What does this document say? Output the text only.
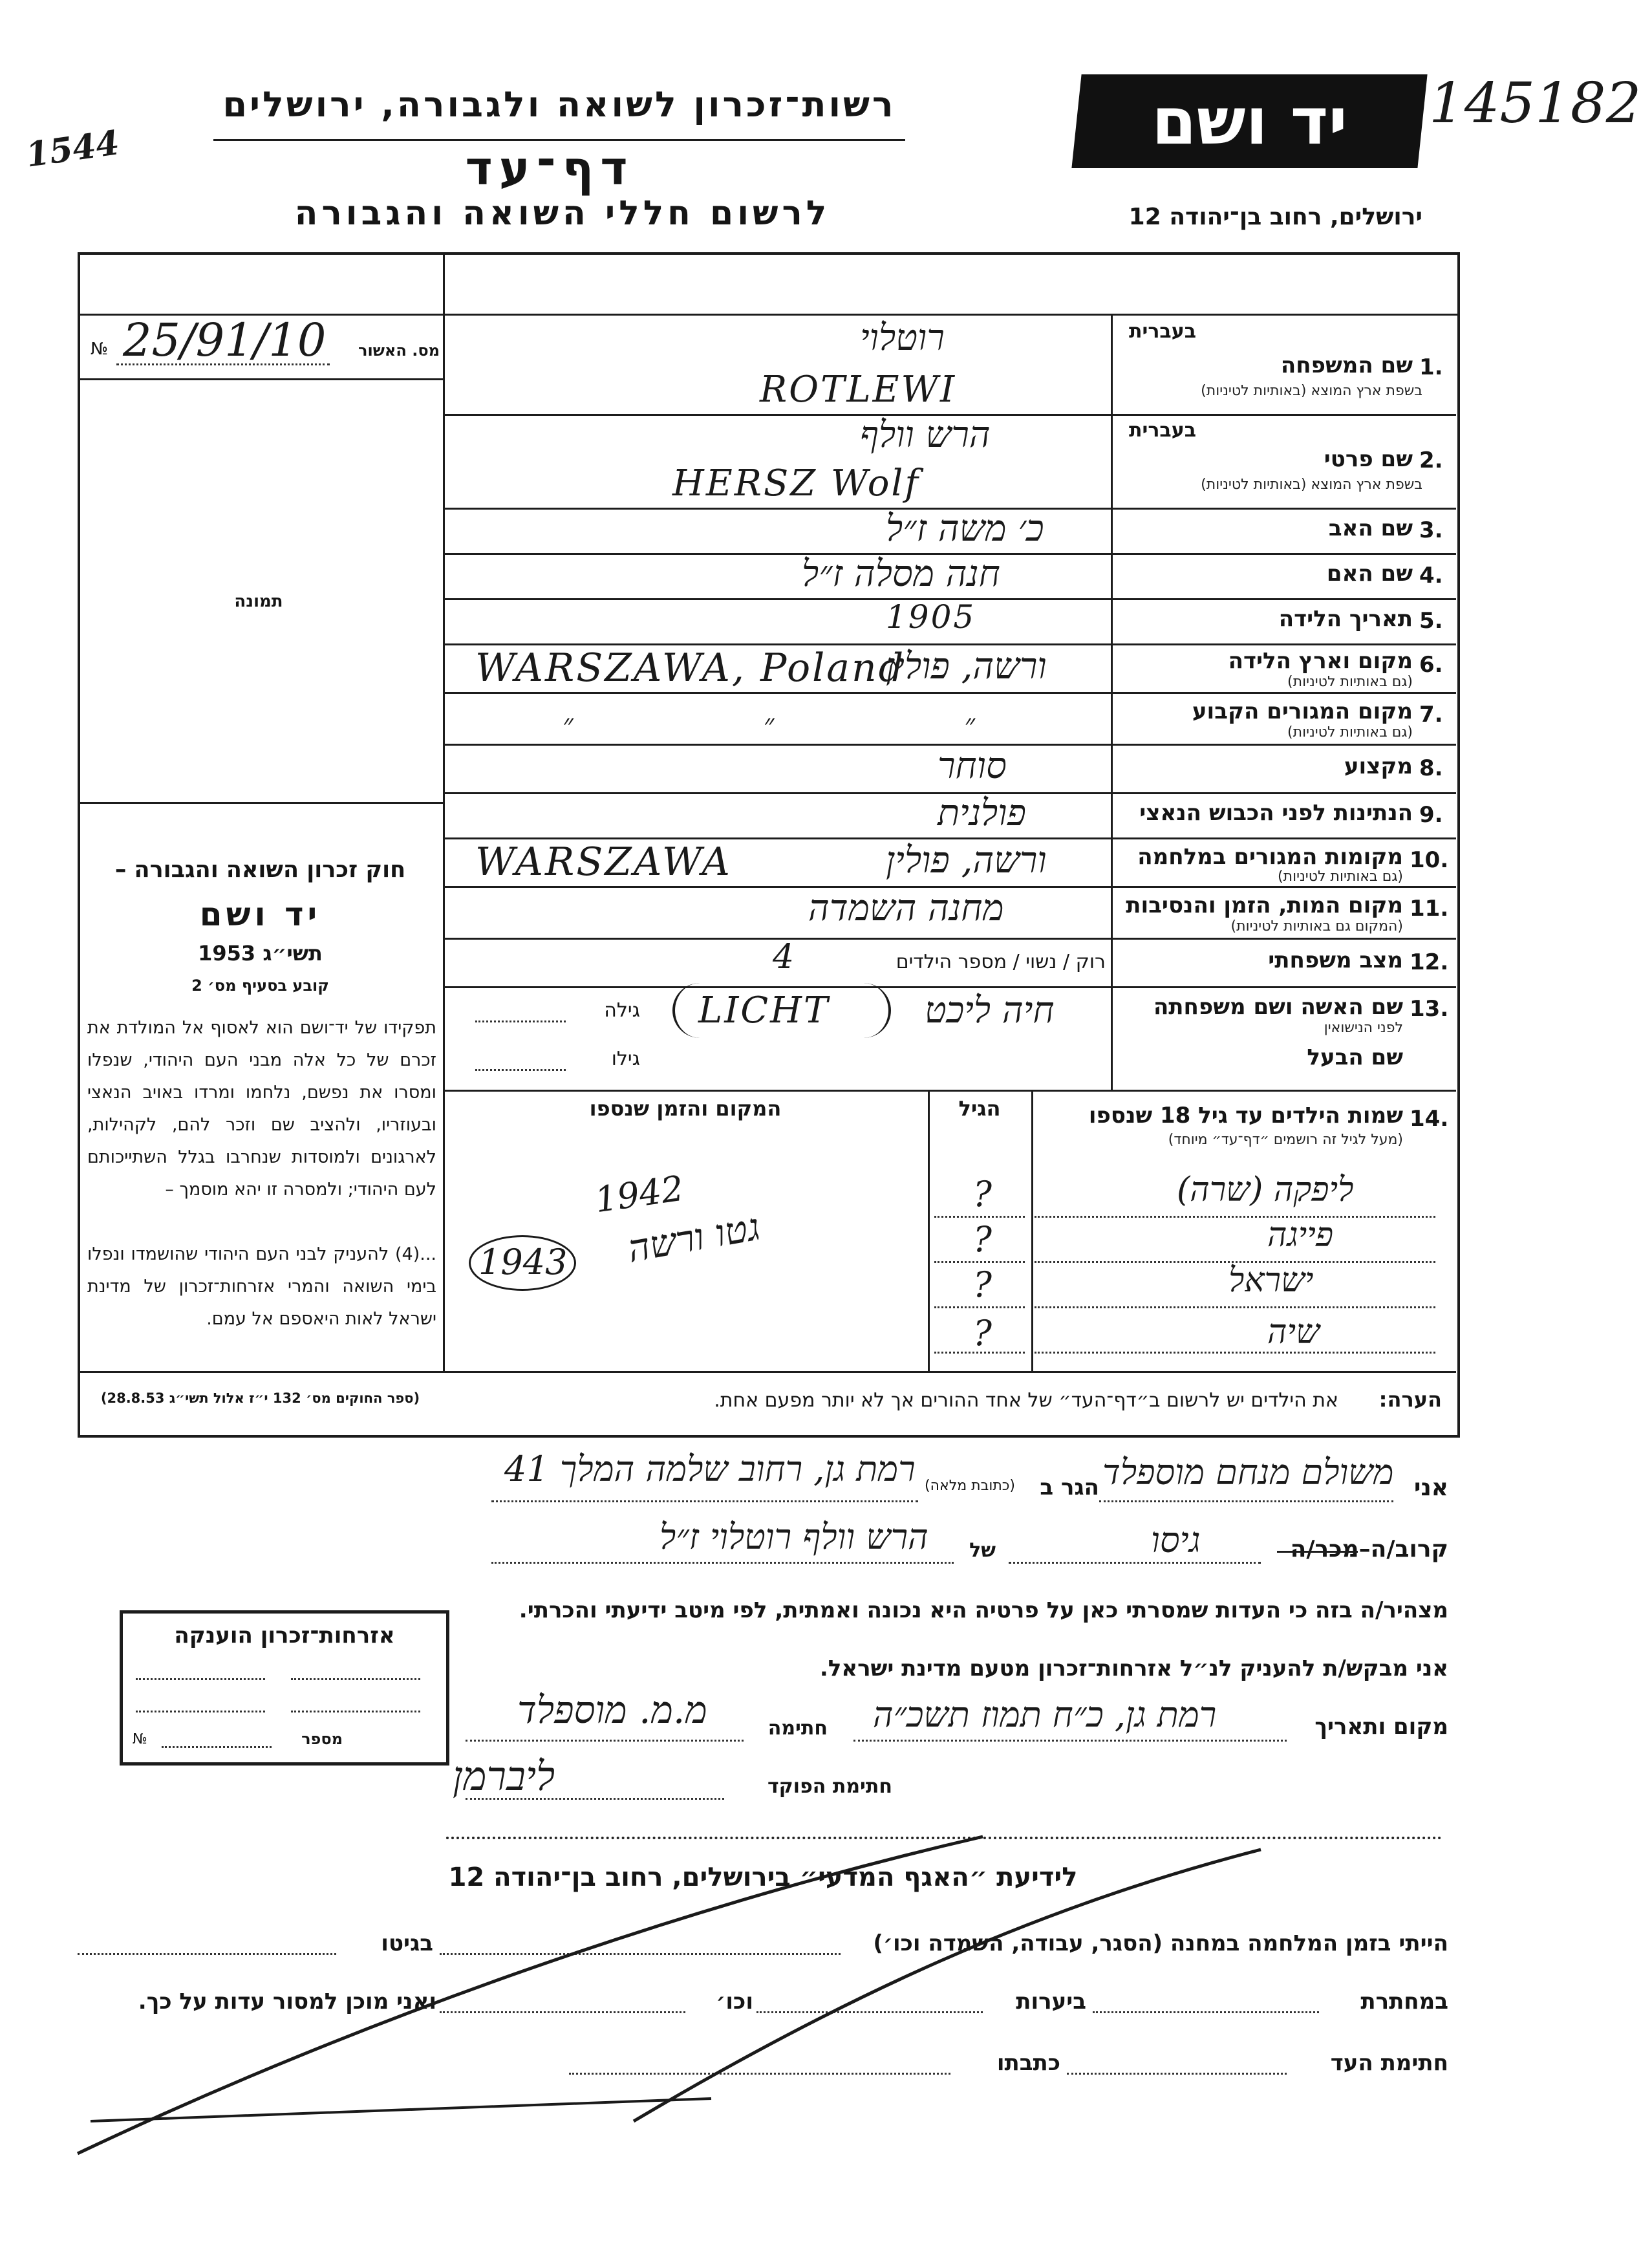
1544
145182
רשות־זכרון לשואה ולגבורה, ירושלים
דף־עד
לרשום חללי השואה והגבורה
יד ושם
ירושלים, רחוב בן־יהודה 12
№ 25/91/10	מס. האשור
תמונה
חוק זכרון השואה והגבורה –
יד ושם
תשי״ג 1953
קובע בסעיף מס׳ 2
תפקידו של יד־ושם הוא לאסוף אל המולדת את זכרם של כל אלה מבני העם היהודי, שנפלו ומסרו את נפשם, נלחמו ומרדו באויב הנאצי ובעוזריו, ולהציב שם וזכר להם, לקהילות, לארגונים ולמוסדות שנחרבו בגלל השתייכותם לעם היהודי; ולמסרה זו יהא מוסמך –
...(4) להעניק לבני העם היהודי שהושמדו ונפלו בימי השואה והמרי אזרחות־זכרון של מדינת ישראל לאות היאספם אל עמם.
(ספר החוקים מס׳ 132 י״ז אלול תשי״ג 28.8.53)
1.
שם המשפחה
בשפת ארץ המוצא (באותיות לטיניות)
בעברית
רוטלוי
ROTLEWI
2.
שם פרטי
בשפת ארץ המוצא (באותיות לטיניות)
בעברית
הרש וולף
HERSZ Wolf
3.
שם האב
כ׳ משה ז״ל
4.
שם האם
חנה מסלה ז״ל
5.
תאריך הלידה
1905
6.
מקום וארץ הלידה
(גם באותיות לטיניות)
ורשה, פולין
WARSZAWA, Poland
7.
מקום המגורים הקבוע
(גם באותיות לטיניות)
״ ״ ״
8.
מקצוע
סוחר
9.
הנתינות לפני הכבוש הנאצי
פולנית
10.
מקומות המגורים במלחמה
(גם באותיות לטיניות)
ורשה, פולין
WARSZAWA
11.
מקום המות, הזמן והנסיבות
(המקום גם באותיות לטיניות)
מחנה השמדה
12.
מצב משפחתי
רוק / נשוי / מספר הילדים
4
13.
שם האשה ושם משפחתה
לפני הנישואין
חיה ליכט
LICHT
גילה
שם הבעל
גילו
14.
שמות הילדים עד גיל 18 שנספו
(מעל לגיל זה רושמים ״דף־עד״ מיוחד)
הגיל
המקום והזמן שנספו
ליפקה (שרה)
פייגה
ישראל
שיה
?
?
?
?
גטו ורשה
1942
1943
הערה:
את הילדים יש לרשום ב״דף־העד״ של אחד ההורים אך לא יותר מפעם אחת.
אני
משולם מנחם מוספלד
הגר ב
(כתובת מלאה)
רמת גן, רחוב שלמה המלך 41
קרוב/ה–מכר/ה
גיסו
של
הרש וולף רוטלוי ז״ל
מצהיר/ה בזה כי העדות שמסרתי כאן על פרטיה היא נכונה ואמתית, לפי מיטב ידיעתי והכרתי.
אני מבקש/ת להעניק לנ״ל אזרחות־זכרון מטעם מדינת ישראל.
מקום ותאריך
רמת גן, כ״ח תמוז תשכ״ה
חתימה
מ.מ. מוספלד
חתימת הפוקד
ליברמן
אזרחות־זכרון הוענקה
מספר
№
לידיעת ״האגף המדעי״ בירושלים, רחוב בן־יהודה 12
הייתי בזמן המלחמה במחנה (הסגר, עבודה, השמדה וכו׳)
בגיטו
במחתרת
ביערות
וכו׳
ואני מוכן למסור עדות על כך.
חתימת העד
כתבתו
